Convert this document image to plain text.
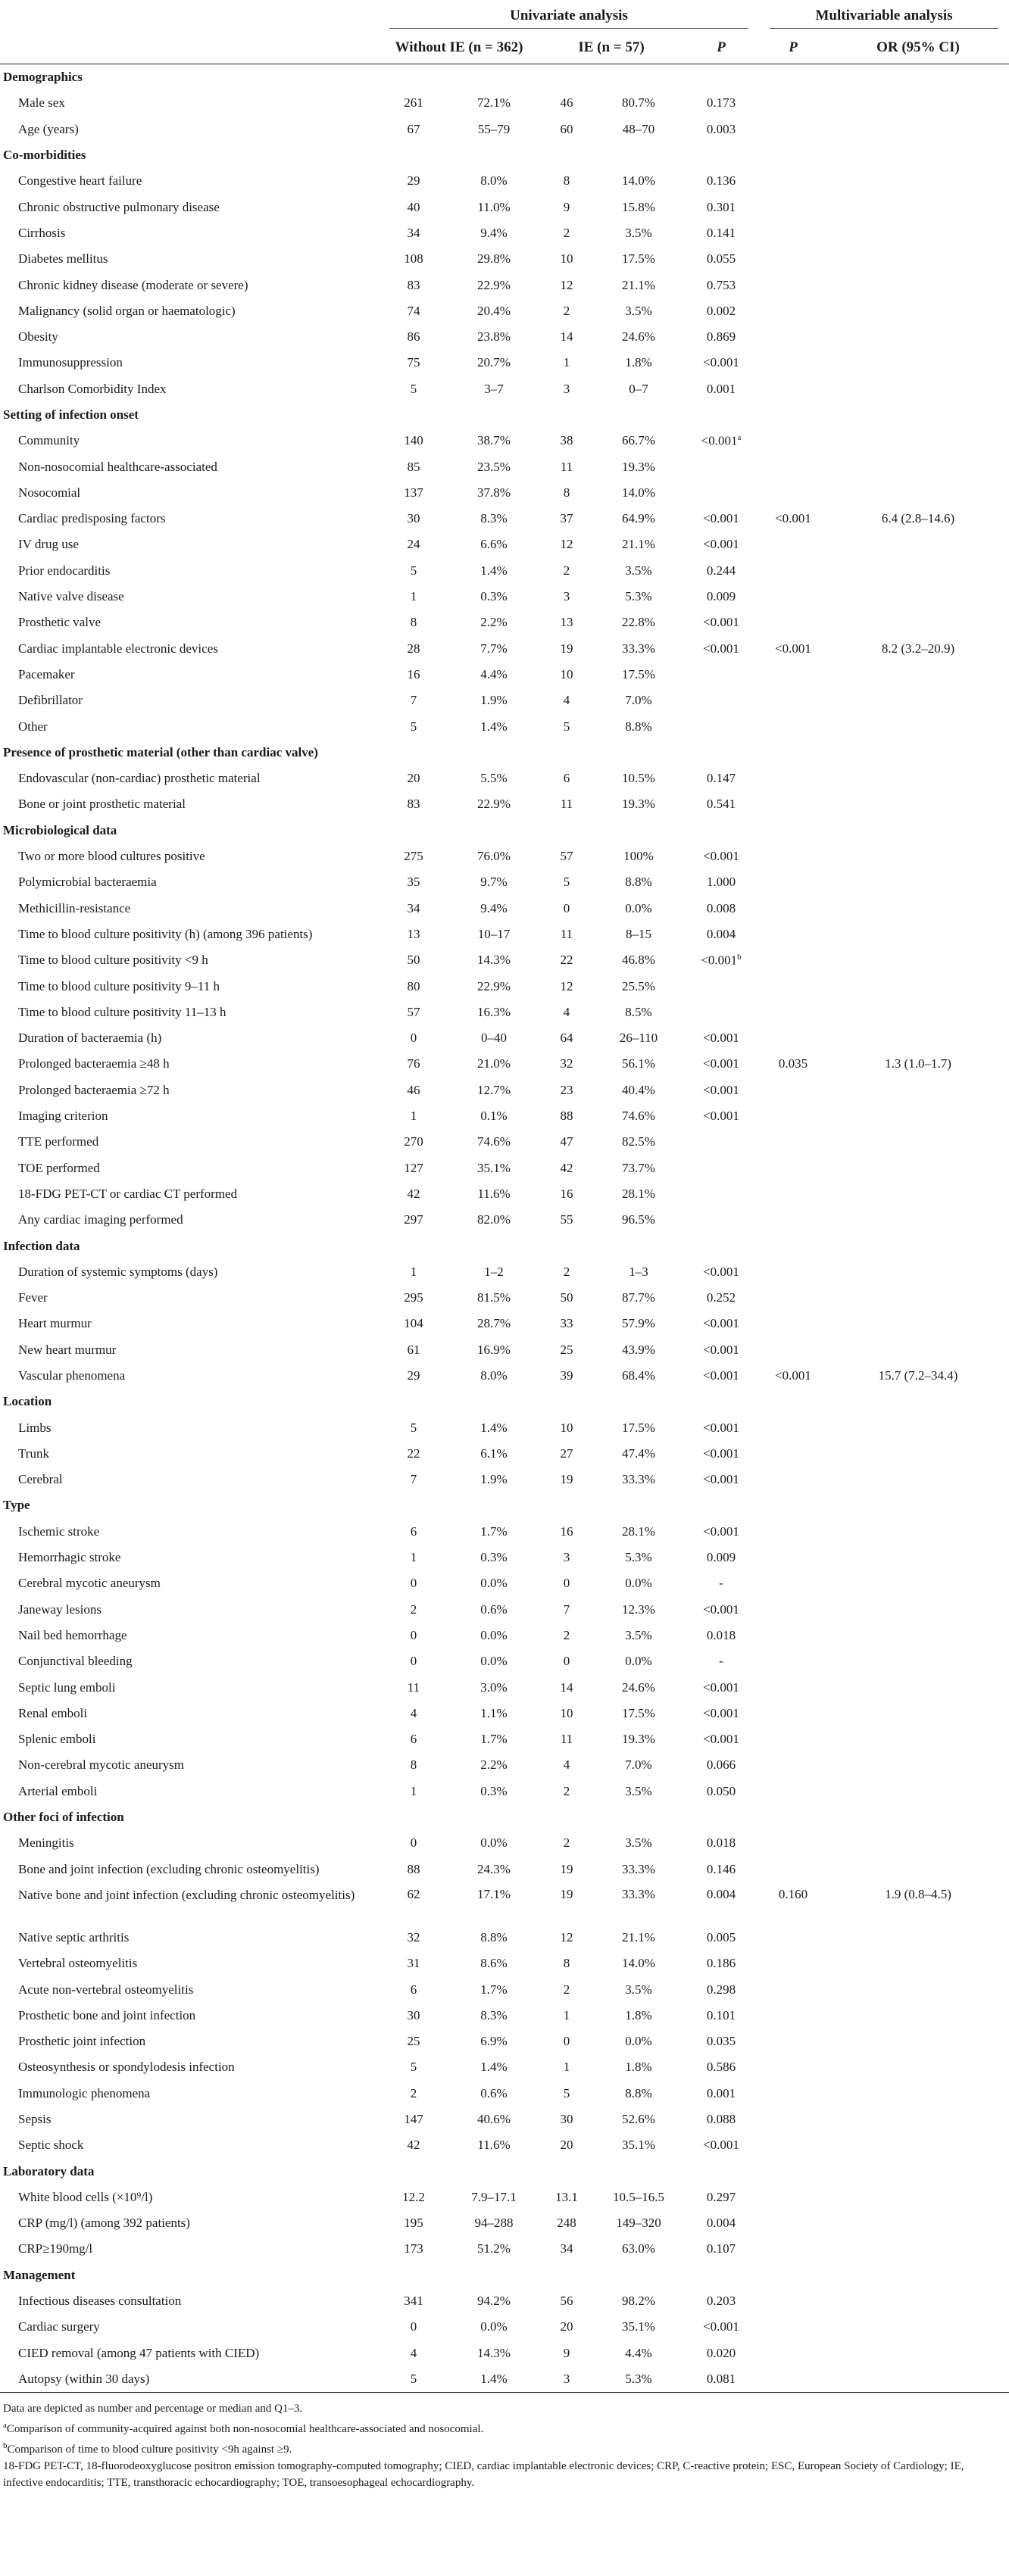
	Univariate analysis					Multivariable analysis	

	Without IE (n = 362)		IE (n = 57)		P	P	OR (95% CI)
Demographics							
Male sex	261	72.1%	46	80.7%	0.173		
Age (years)	67	55–79	60	48–70	0.003		
Co-morbidities							
Congestive heart failure	29	8.0%	8	14.0%	0.136		
Chronic obstructive pulmonary disease	40	11.0%	9	15.8%	0.301		
Cirrhosis	34	9.4%	2	3.5%	0.141		
Diabetes mellitus	108	29.8%	10	17.5%	0.055		
Chronic kidney disease (moderate or severe)	83	22.9%	12	21.1%	0.753		
Malignancy (solid organ or haematologic)	74	20.4%	2	3.5%	0.002		
Obesity	86	23.8%	14	24.6%	0.869		
Immunosuppression	75	20.7%	1	1.8%	<0.001		
Charlson Comorbidity Index	5	3–7	3	0–7	0.001		
Setting of infection onset							
Community	140	38.7%	38	66.7%	<0.001$^a$		
Non-nosocomial healthcare-associated	85	23.5%	11	19.3%			
Nosocomial	137	37.8%	8	14.0%			
Cardiac predisposing factors	30	8.3%	37	64.9%	<0.001	<0.001	6.4 (2.8–14.6)
IV drug use	24	6.6%	12	21.1%	<0.001		
Prior endocarditis	5	1.4%	2	3.5%	0.244		
Native valve disease	1	0.3%	3	5.3%	0.009		
Prosthetic valve	8	2.2%	13	22.8%	<0.001		
Cardiac implantable electronic devices	28	7.7%	19	33.3%	<0.001	<0.001	8.2 (3.2–20.9)
Pacemaker	16	4.4%	10	17.5%			
Defibrillator	7	1.9%	4	7.0%			
Other	5	1.4%	5	8.8%			
Presence of prosthetic material (other than cardiac valve)							
Endovascular (non-cardiac) prosthetic material	20	5.5%	6	10.5%	0.147		
Bone or joint prosthetic material	83	22.9%	11	19.3%	0.541		
Microbiological data							
Two or more blood cultures positive	275	76.0%	57	100%	<0.001		
Polymicrobial bacteraemia	35	9.7%	5	8.8%	1.000		
Methicillin-resistance	34	9.4%	0	0.0%	0.008		
Time to blood culture positivity (h) (among 396 patients)	13	10–17	11	8–15	0.004		
Time to blood culture positivity <9 h	50	14.3%	22	46.8%	<0.001$^b$		
Time to blood culture positivity 9–11 h	80	22.9%	12	25.5%			
Time to blood culture positivity 11–13 h	57	16.3%	4	8.5%			
Duration of bacteraemia (h)	0	0–40	64	26–110	<0.001		
Prolonged bacteraemia ≥48 h	76	21.0%	32	56.1%	<0.001	0.035	1.3 (1.0–1.7)
Prolonged bacteraemia ≥72 h	46	12.7%	23	40.4%	<0.001		
Imaging criterion	1	0.1%	88	74.6%	<0.001		
TTE performed	270	74.6%	47	82.5%			
TOE performed	127	35.1%	42	73.7%			
18-FDG PET-CT or cardiac CT performed	42	11.6%	16	28.1%			
Any cardiac imaging performed	297	82.0%	55	96.5%			
Infection data							
Duration of systemic symptoms (days)	1	1–2	2	1–3	<0.001		
Fever	295	81.5%	50	87.7%	0.252		
Heart murmur	104	28.7%	33	57.9%	<0.001		
New heart murmur	61	16.9%	25	43.9%	<0.001		
Vascular phenomena	29	8.0%	39	68.4%	<0.001	<0.001	15.7 (7.2–34.4)
Location							
Limbs	5	1.4%	10	17.5%	<0.001		
Trunk	22	6.1%	27	47.4%	<0.001		
Cerebral	7	1.9%	19	33.3%	<0.001		
Type							
Ischemic stroke	6	1.7%	16	28.1%	<0.001		
Hemorrhagic stroke	1	0.3%	3	5.3%	0.009		
Cerebral mycotic aneurysm	0	0.0%	0	0.0%	-		
Janeway lesions	2	0.6%	7	12.3%	<0.001		
Nail bed hemorrhage	0	0.0%	2	3.5%	0.018		
Conjunctival bleeding	0	0.0%	0	0.0%	-		
Septic lung emboli	11	3.0%	14	24.6%	<0.001		
Renal emboli	4	1.1%	10	17.5%	<0.001		
Splenic emboli	6	1.7%	11	19.3%	<0.001		
Non-cerebral mycotic aneurysm	8	2.2%	4	7.0%	0.066		
Arterial emboli	1	0.3%	2	3.5%	0.050		
Other foci of infection							
Meningitis	0	0.0%	2	3.5%	0.018		
Bone and joint infection (excluding chronic osteomyelitis)	88	24.3%	19	33.3%	0.146		
Native bone and joint infection (excluding chronic osteomyelitis)	62	17.1%	19	33.3%	0.004	0.160	1.9 (0.8–4.5)
Native septic arthritis	32	8.8%	12	21.1%	0.005		
Vertebral osteomyelitis	31	8.6%	8	14.0%	0.186		
Acute non-vertebral osteomyelitis	6	1.7%	2	3.5%	0.298		
Prosthetic bone and joint infection	30	8.3%	1	1.8%	0.101		
Prosthetic joint infection	25	6.9%	0	0.0%	0.035		
Osteosynthesis or spondylodesis infection	5	1.4%	1	1.8%	0.586		
Immunologic phenomena	2	0.6%	5	8.8%	0.001		
Sepsis	147	40.6%	30	52.6%	0.088		
Septic shock	42	11.6%	20	35.1%	<0.001		
Laboratory data							
White blood cells (×10⁹/l)	12.2	7.9–17.1	13.1	10.5–16.5	0.297		
CRP (mg/l) (among 392 patients)	195	94–288	248	149–320	0.004		
CRP≥190mg/l	173	51.2%	34	63.0%	0.107		
Management							
Infectious diseases consultation	341	94.2%	56	98.2%	0.203		
Cardiac surgery	0	0.0%	20	35.1%	<0.001		
CIED removal (among 47 patients with CIED)	4	14.3%	9	4.4%	0.020		
Autopsy (within 30 days)	5	1.4%	3	5.3%	0.081		
Data are depicted as number and percentage or median and Q1–3.
$^a$Comparison of community-acquired against both non-nosocomial healthcare-associated and nosocomial.
$^b$Comparison of time to blood culture positivity <9h against ≥9.
18-FDG PET-CT, 18-fluorodeoxyglucose positron emission tomography-computed tomography; CIED, cardiac implantable electronic devices; CRP, C-reactive protein; ESC, European Society of Cardiology; IE, infective endocarditis; TTE, transthoracic echocardiography; TOE, transoesophageal echocardiography.
